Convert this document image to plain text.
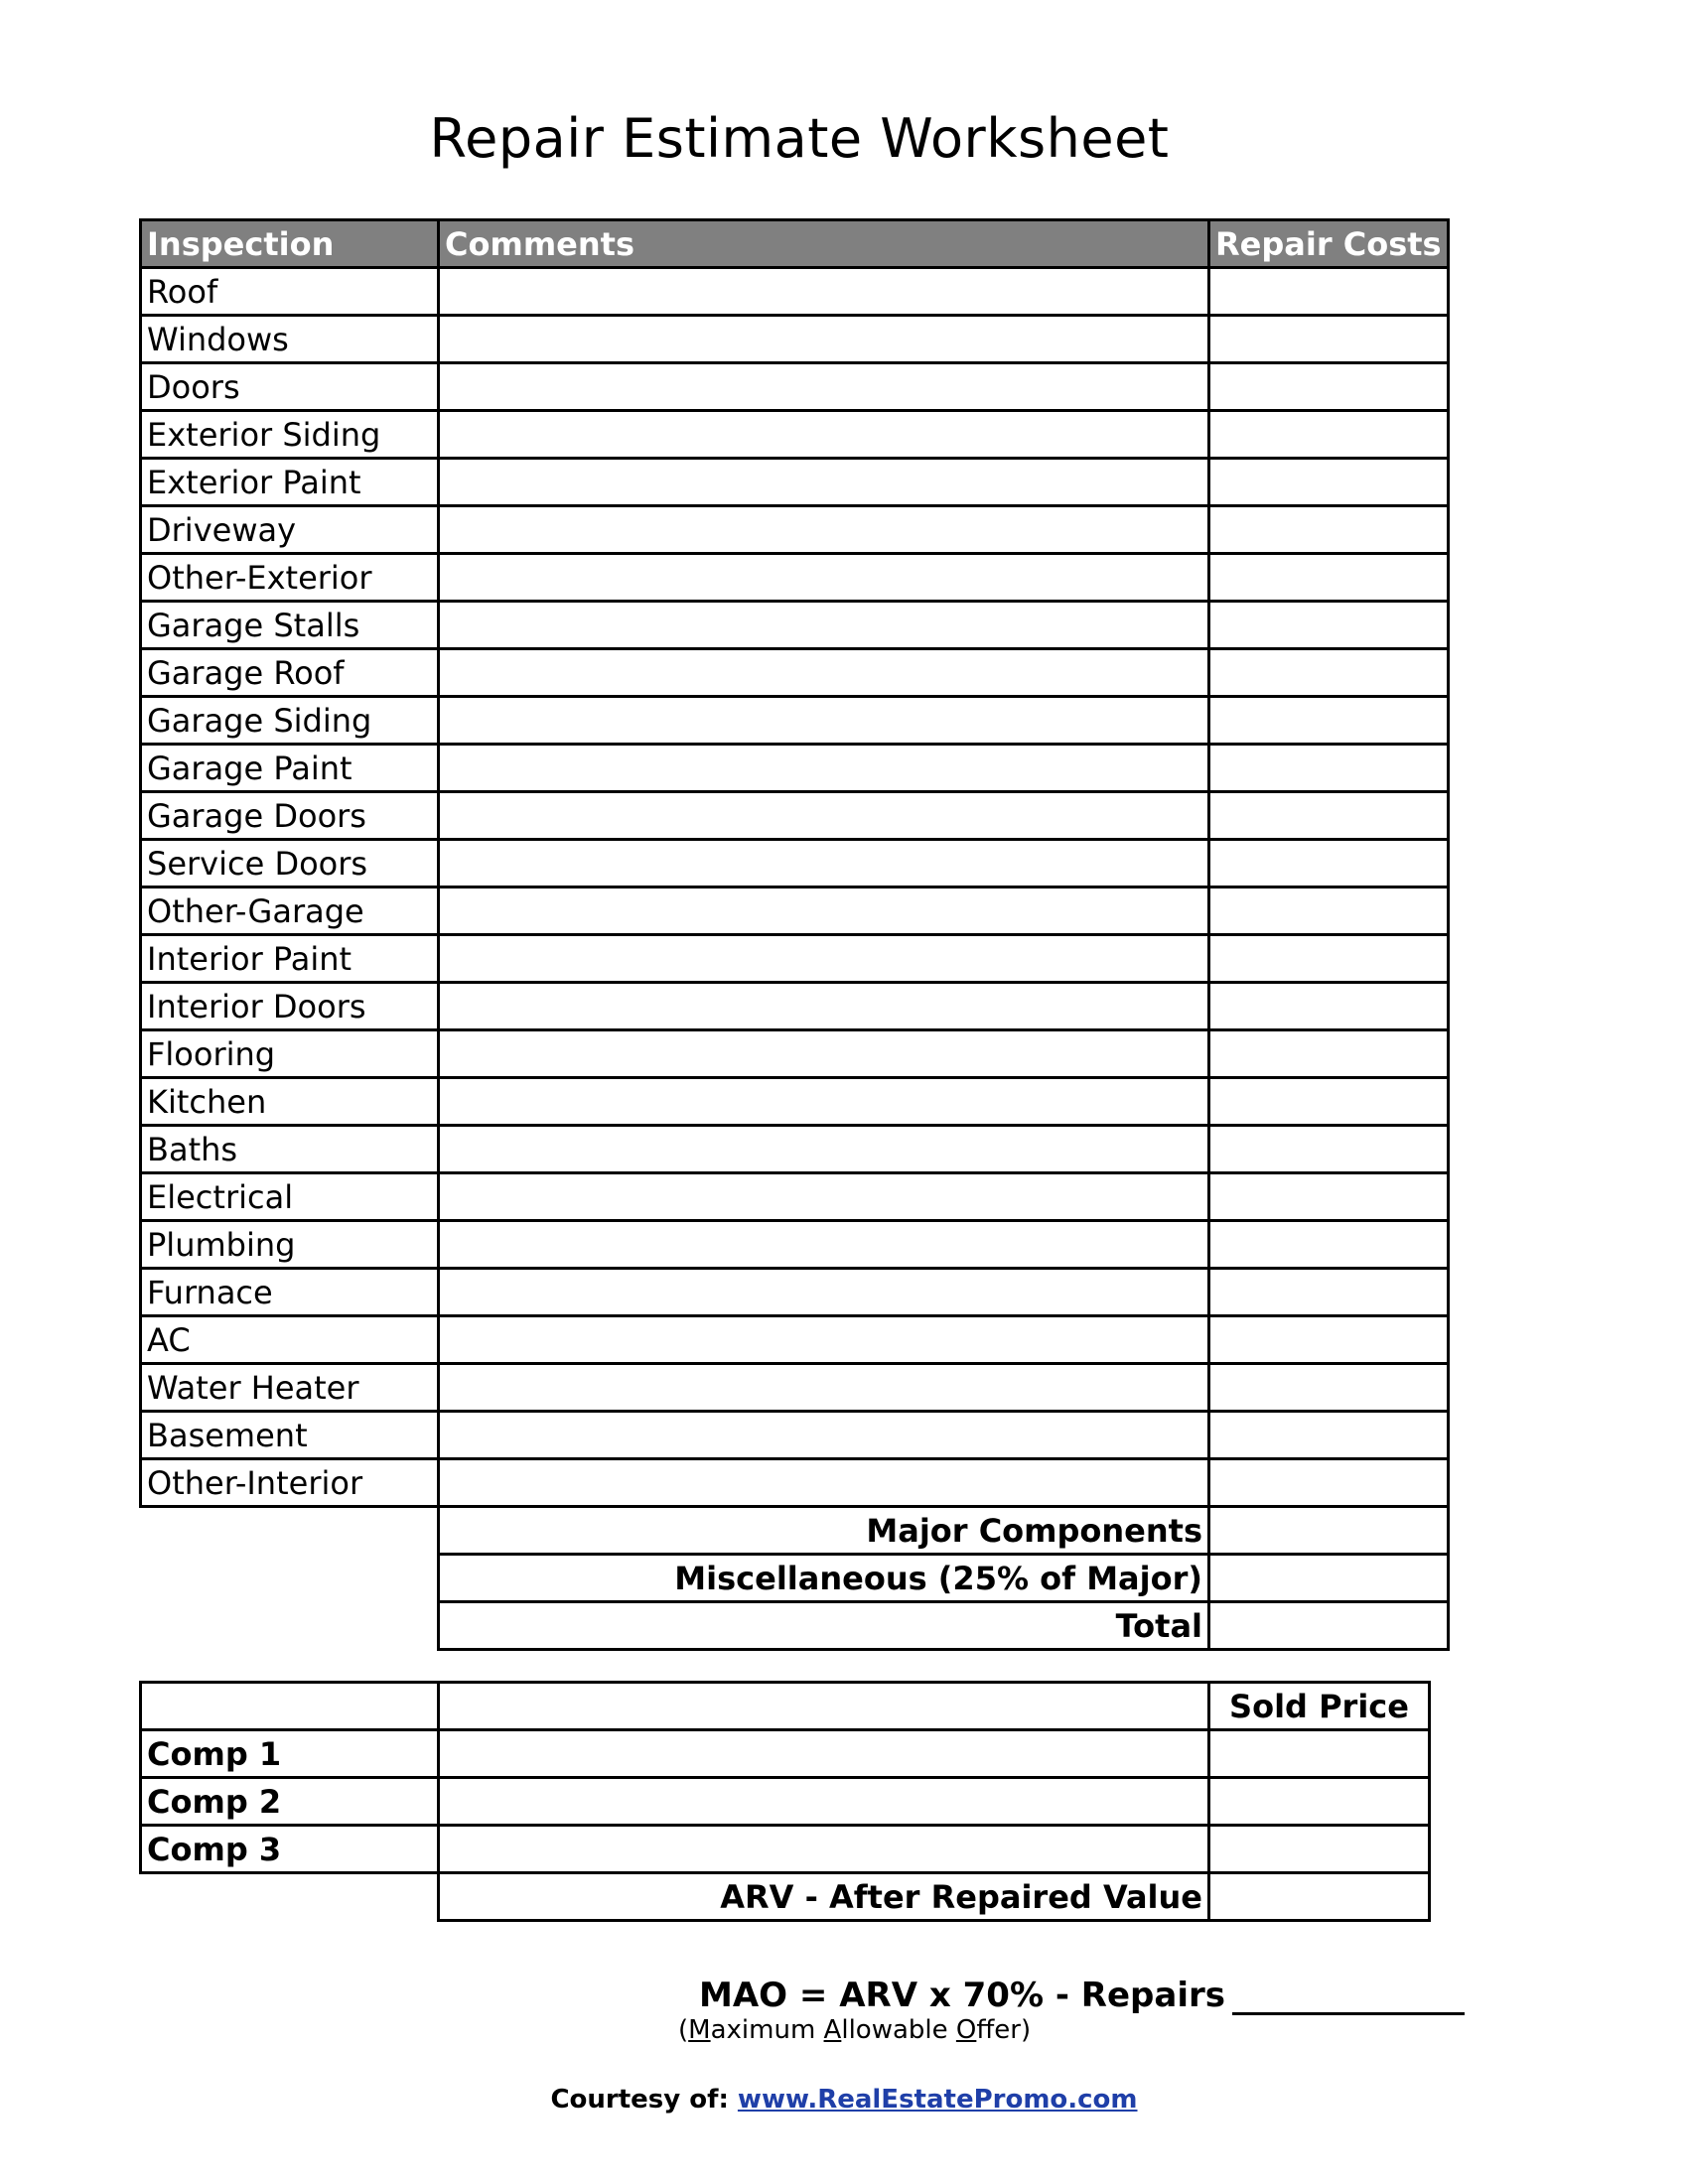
Repair Estimate Worksheet
Inspection	Comments	Repair Costs
Roof		
Windows		
Doors		
Exterior Siding		
Exterior Paint		
Driveway		
Other-Exterior		
Garage Stalls		
Garage Roof		
Garage Siding		
Garage Paint		
Garage Doors		
Service Doors		
Other-Garage		
Interior Paint		
Interior Doors		
Flooring		
Kitchen		
Baths		
Electrical		
Plumbing		
Furnace		
AC		
Water Heater		
Basement		
Other-Interior		
	Major Components	
	Miscellaneous (25% of Major)	
	Total	
		Sold Price
Comp 1		
Comp 2		
Comp 3		
	ARV - After Repaired Value	
MAO = ARV x 70% - Repairs
(Maximum Allowable Offer)
Courtesy of: www.RealEstatePromo.com
